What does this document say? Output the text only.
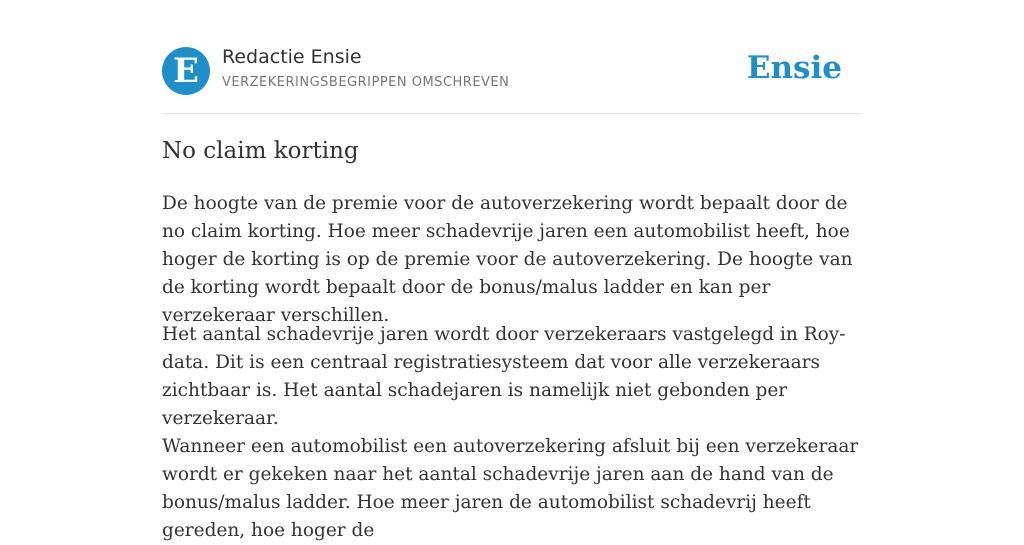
E	Redactie Ensie
VERZEKERINGSBEGRIPPEN OMSCHREVEN	Ensie
No claim korting

De hoogte van de premie voor de autoverzekering wordt bepaalt door de no claim korting. Hoe meer schadevrije jaren een automobilist heeft, hoe hoger de korting is op de premie voor de autoverzekering. De hoogte van de korting wordt bepaalt door de bonus/malus ladder en kan per verzekeraar verschillen.

Het aantal schadevrije jaren wordt door verzekeraars vastgelegd in Roy-data. Dit is een centraal registratiesysteem dat voor alle verzekeraars zichtbaar is. Het aantal schadejaren is namelijk niet gebonden per verzekeraar.

Wanneer een automobilist een autoverzekering afsluit bij een verzekeraar wordt er gekeken naar het aantal schadevrije jaren aan de hand van de bonus/malus ladder. Hoe meer jaren de automobilist schadevrij heeft gereden, hoe hoger de
